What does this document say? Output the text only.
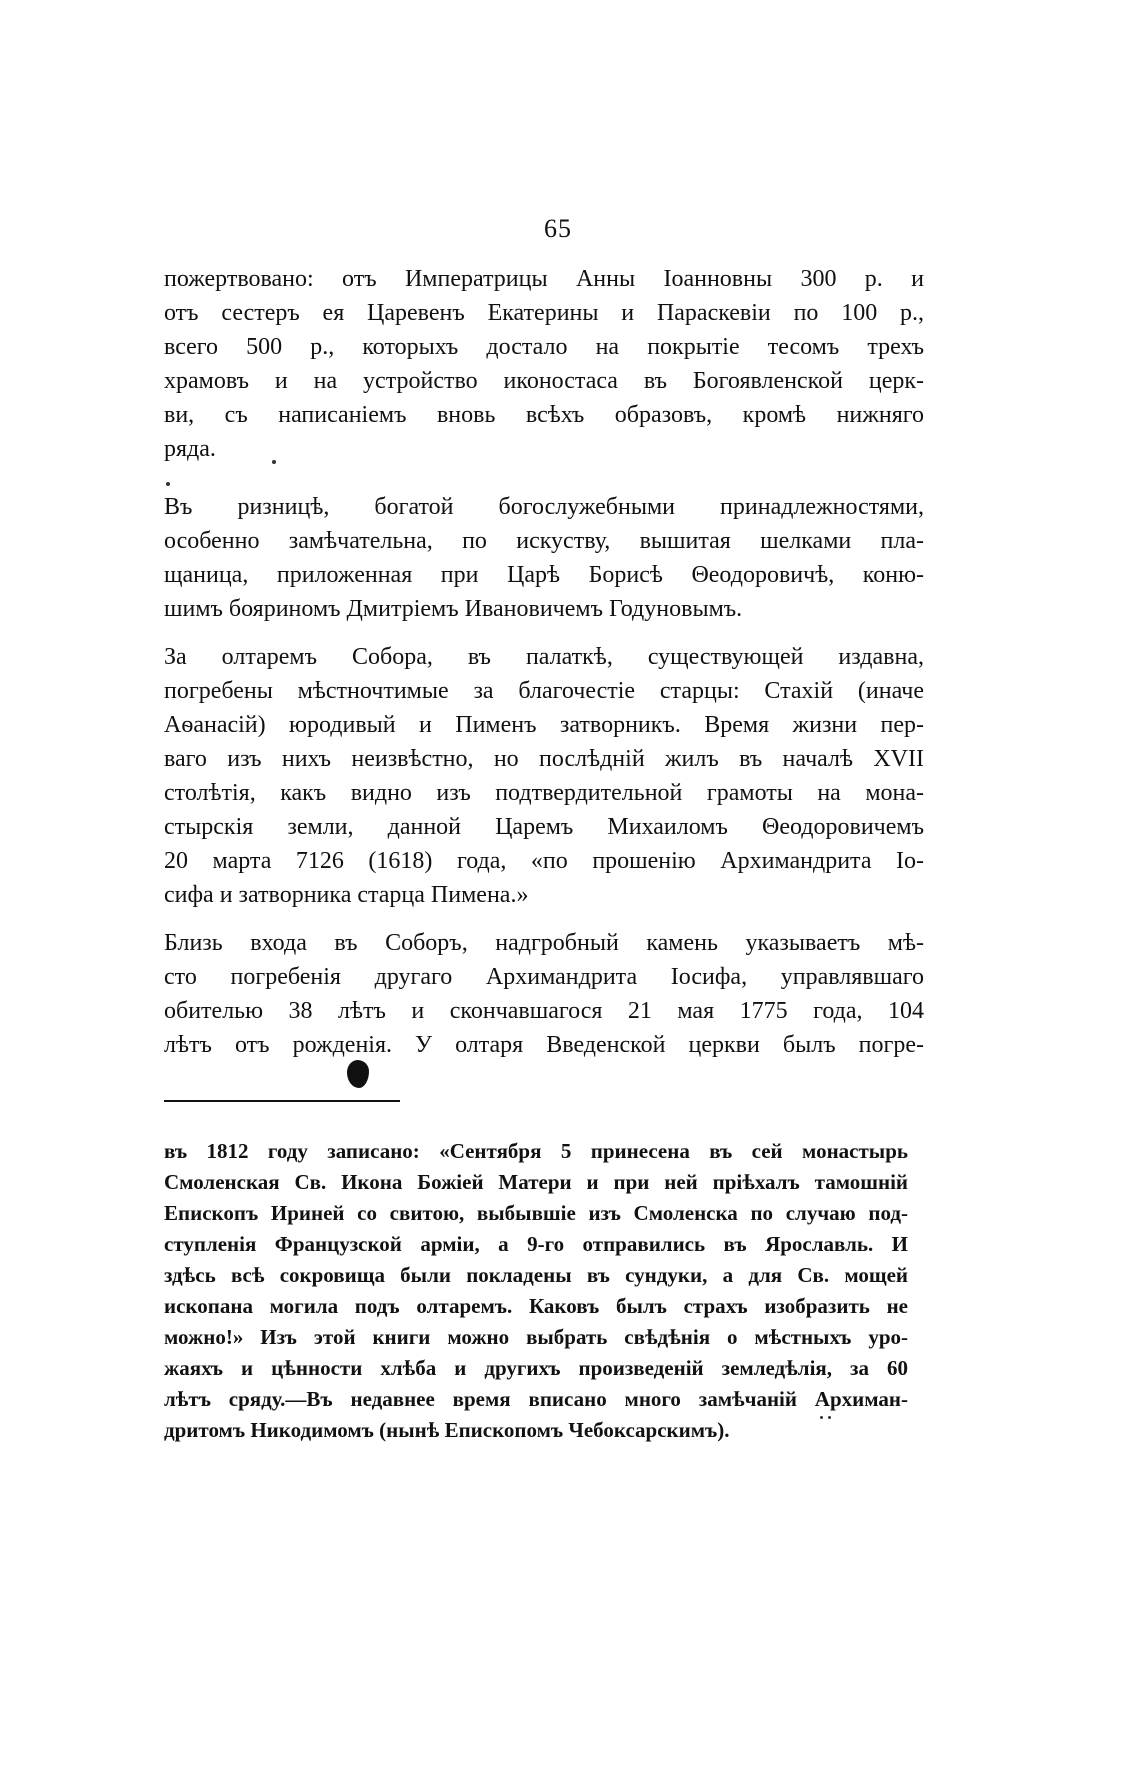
65
пожертвовано: отъ Императрицы Анны Іоанновны 300 р. и
отъ сестеръ ея Царевенъ Екатерины и Параскевіи по 100 р.,
всего 500 р., которыхъ достало на покрытіе тесомъ трехъ
храмовъ и на устройство иконостаса въ Богоявленской церк-
ви, съ написаніемъ вновь всѣхъ образовъ, кромѣ нижняго
ряда.
Въ ризницѣ, богатой богослужебными принадлежностями,
особенно замѣчательна, по искуству, вышитая шелками пла-
щаница, приложенная при Царѣ Борисѣ Θеодоровичѣ, коню-
шимъ бояриномъ Дмитріемъ Ивановичемъ Годуновымъ.
За олтаремъ Собора, въ палаткѣ, существующей издавна,
погребены мѣстночтимые за благочестіе старцы: Стахій (иначе
Аѳанасій) юродивый и Пименъ затворникъ. Время жизни пер-
ваго изъ нихъ неизвѣстно, но послѣдній жилъ въ началѣ XVII
столѣтія, какъ видно изъ подтвердительной грамоты на мона-
стырскія земли, данной Царемъ Михаиломъ Θеодоровичемъ
20 марта 7126 (1618) года, «по прошенію Архимандрита Іо-
сифа и затворника старца Пимена.»
Близь входа въ Соборъ, надгробный камень указываетъ мѣ-
сто погребенія другаго Архимандрита Іосифа, управлявшаго
обителью 38 лѣтъ и скончавшагося 21 мая 1775 года, 104
лѣтъ отъ рожденія. У олтаря Введенской церкви былъ погре-
въ 1812 году записано: «Сентября 5 принесена въ сей монастырь
Смоленская Св. Икона Божіей Матери и при ней пріѣхалъ тамошній
Епископъ Ириней со свитою, выбывшіе изъ Смоленска по случаю под-
ступленія Французской арміи, а 9-го отправились въ Ярославль. И
здѣсь всѣ сокровища были покладены въ сундуки, а для Св. мощей
ископана могила подъ олтаремъ. Каковъ былъ страхъ изобразить не
можно!» Изъ этой книги можно выбрать свѣдѣнія о мѣстныхъ уро-
жаяхъ и цѣнности хлѣба и другихъ произведеній земледѣлія, за 60
лѣтъ сряду.—Въ недавнее время вписано много замѣчаній Архиман-
дритомъ Никодимомъ (нынѣ Епископомъ Чебоксарскимъ).
